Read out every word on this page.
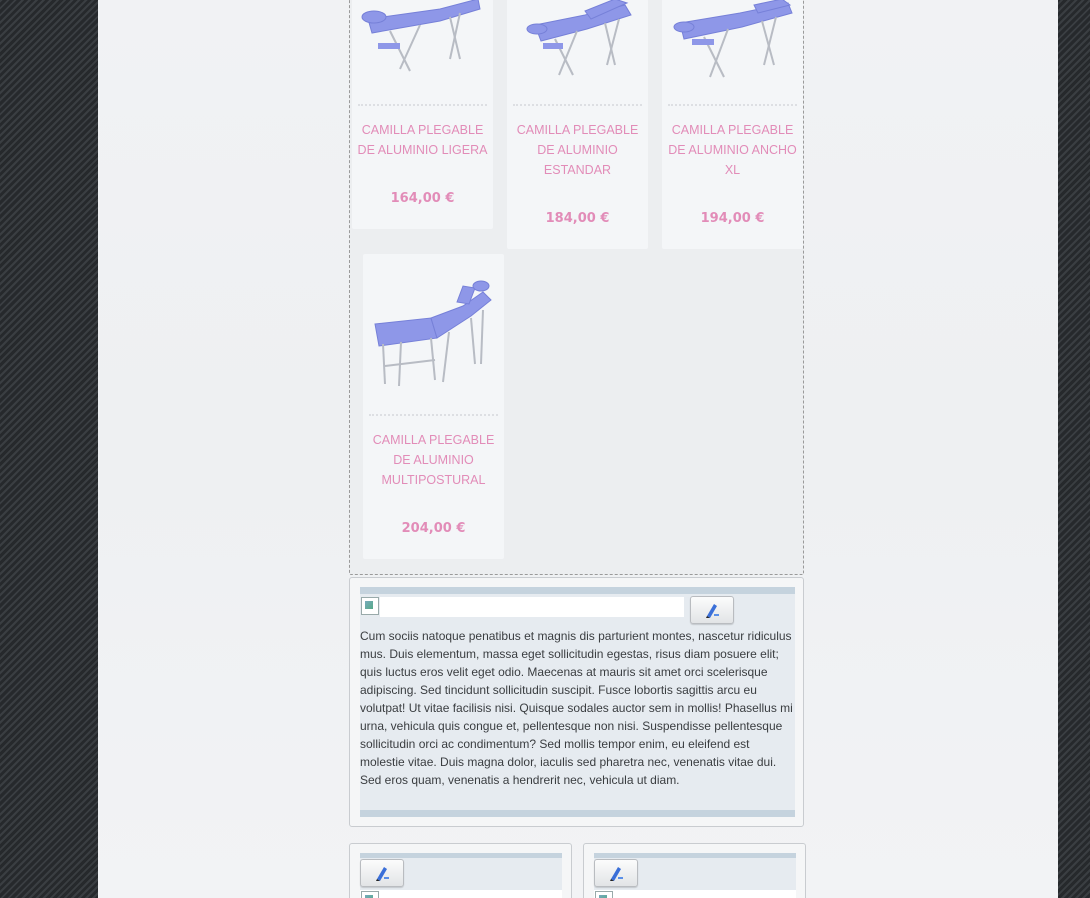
CAMILLA PLEGABLE DE ALUMINIO LIGERA
164,00 €
CAMILLA PLEGABLE DE ALUMINIO ESTANDAR
184,00 €
CAMILLA PLEGABLE DE ALUMINIO ANCHO XL
194,00 €
CAMILLA PLEGABLE DE ALUMINIO MULTIPOSTURAL
204,00 €
Cum sociis natoque penatibus et magnis dis parturient montes, nascetur ridiculus mus. Duis elementum, massa eget sollicitudin egestas, risus diam posuere elit; quis luctus eros velit eget odio. Maecenas at mauris sit amet orci scelerisque adipiscing. Sed tincidunt sollicitudin suscipit. Fusce lobortis sagittis arcu eu volutpat! Ut vitae facilisis nisi. Quisque sodales auctor sem in mollis! Phasellus mi urna, vehicula quis congue et, pellentesque non nisi. Suspendisse pellentesque sollicitudin orci ac condimentum? Sed mollis tempor enim, eu eleifend est molestie vitae. Duis magna dolor, iaculis sed pharetra nec, venenatis vitae dui. Sed eros quam, venenatis a hendrerit nec, vehicula ut diam.
